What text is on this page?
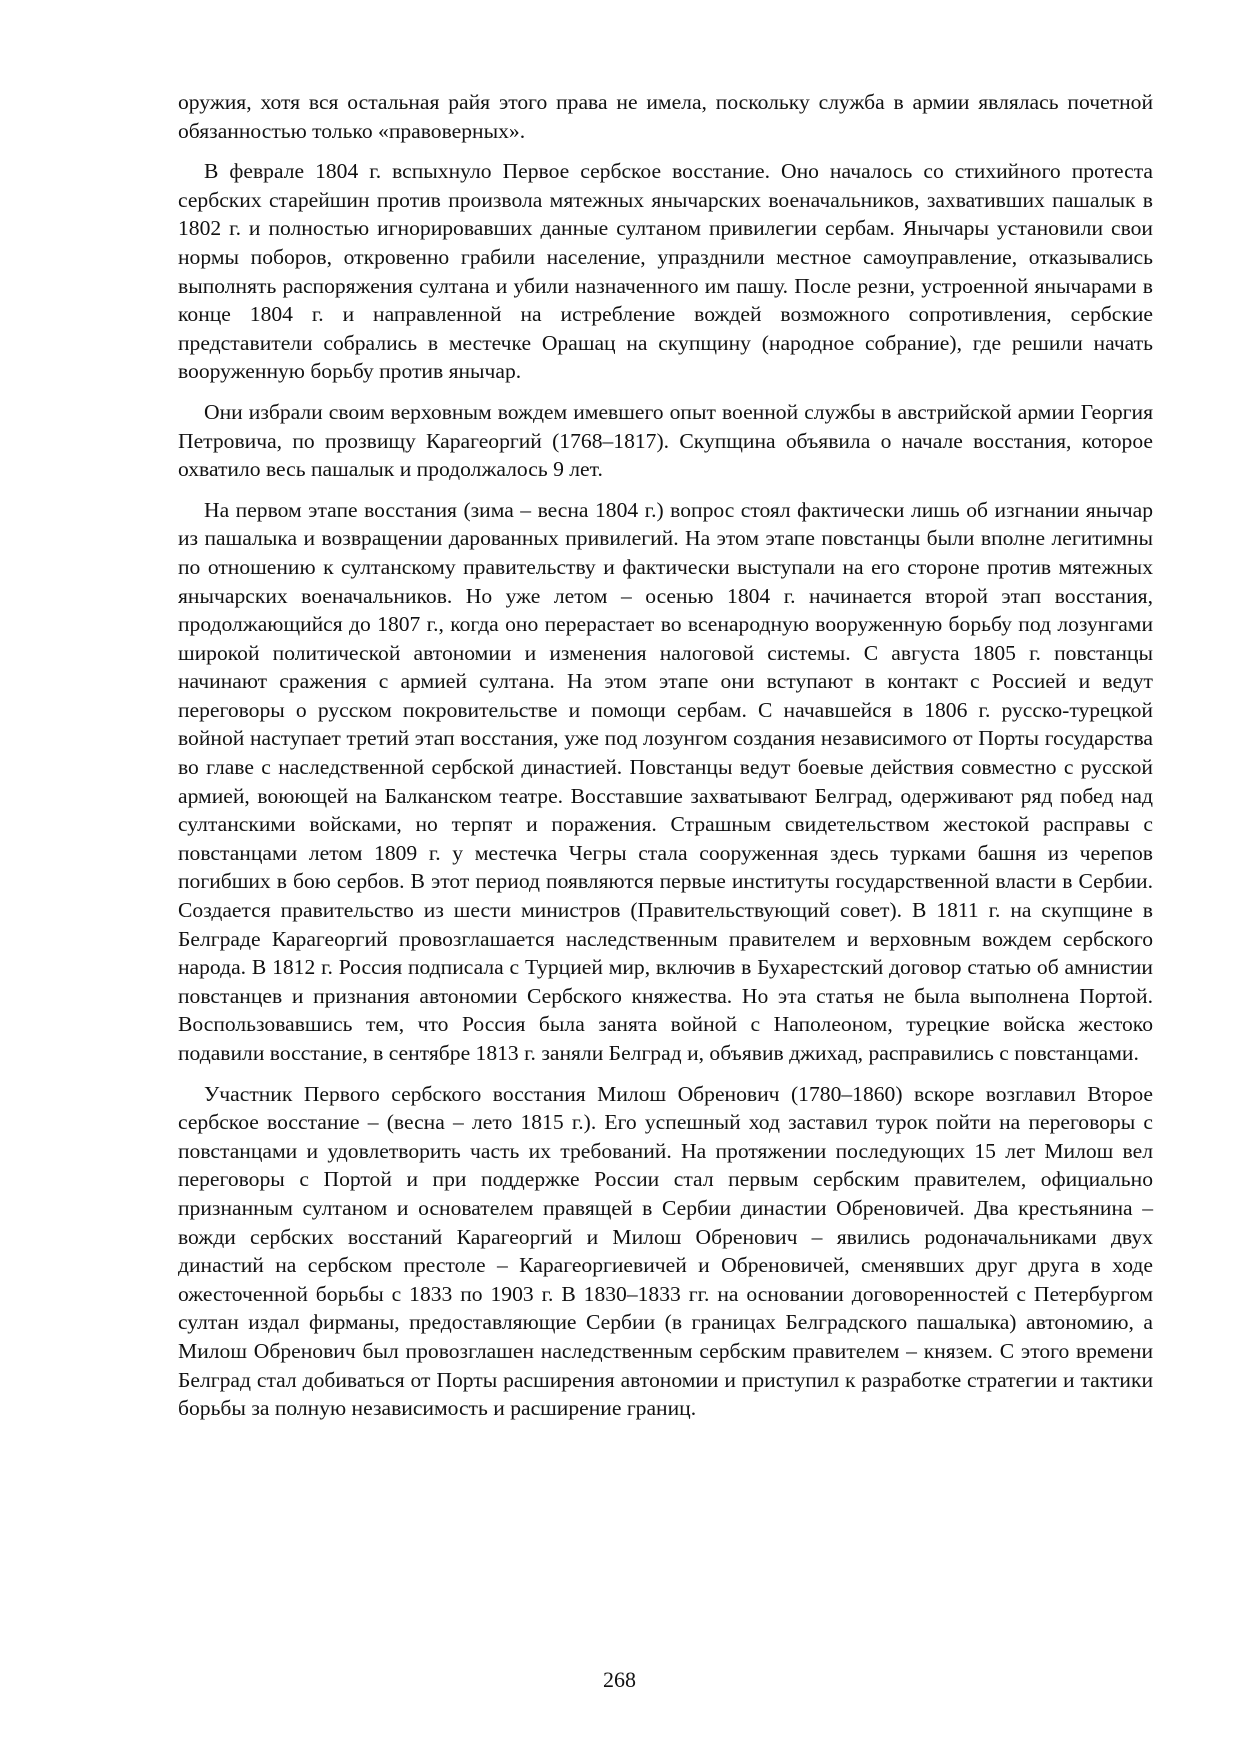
оружия, хотя вся остальная райя этого права не имела, поскольку служба в армии являлась почетной обязанностью только «правоверных».

В феврале 1804 г. вспыхнуло Первое сербское восстание. Оно началось со стихийного протеста сербских старейшин против произвола мятежных янычарских военачальников, захвативших пашалык в 1802 г. и полностью игнорировавших данные султаном привилегии сербам. Янычары установили свои нормы поборов, откровенно грабили население, упразднили местное самоуправление, отказывались выполнять распоряжения султана и убили назначенного им пашу. После резни, устроенной янычарами в конце 1804 г. и направленной на истребление вождей возможного сопротивления, сербские представители собрались в местечке Орашац на скупщину (народное собрание), где решили начать вооруженную борьбу против янычар.

Они избрали своим верховным вождем имевшего опыт военной службы в австрийской армии Георгия Петровича, по прозвищу Карагеоргий (1768–1817). Скупщина объявила о начале восстания, которое охватило весь пашалык и продолжалось 9 лет.

На первом этапе восстания (зима – весна 1804 г.) вопрос стоял фактически лишь об изгнании янычар из пашалыка и возвращении дарованных привилегий. На этом этапе повстанцы были вполне легитимны по отношению к султанскому правительству и фактически выступали на его стороне против мятежных янычарских военачальников. Но уже летом – осенью 1804 г. начинается второй этап восстания, продолжающийся до 1807 г., когда оно перерастает во всенародную вооруженную борьбу под лозунгами широкой политической автономии и изменения налоговой системы. С августа 1805 г. повстанцы начинают сражения с армией султана. На этом этапе они вступают в контакт с Россией и ведут переговоры о русском покровительстве и помощи сербам. С начавшейся в 1806 г. русско-турецкой войной наступает третий этап восстания, уже под лозунгом создания независимого от Порты государства во главе с наследственной сербской династией. Повстанцы ведут боевые действия совместно с русской армией, воюющей на Балканском театре. Восставшие захватывают Белград, одерживают ряд побед над султанскими войсками, но терпят и поражения. Страшным свидетельством жестокой расправы с повстанцами летом 1809 г. у местечка Чегры стала сооруженная здесь турками башня из черепов погибших в бою сербов. В этот период появляются первые институты государственной власти в Сербии. Создается правительство из шести министров (Правительствующий совет). В 1811 г. на скупщине в Белграде Карагеоргий провозглашается наследственным правителем и верховным вождем сербского народа. В 1812 г. Россия подписала с Турцией мир, включив в Бухарестский договор статью об амнистии повстанцев и признания автономии Сербского княжества. Но эта статья не была выполнена Портой. Воспользовавшись тем, что Россия была занята войной с Наполеоном, турецкие войска жестоко подавили восстание, в сентябре 1813 г. заняли Белград и, объявив джихад, расправились с повстанцами.

Участник Первого сербского восстания Милош Обренович (1780–1860) вскоре возглавил Второе сербское восстание – (весна – лето 1815 г.). Его успешный ход заставил турок пойти на переговоры с повстанцами и удовлетворить часть их требований. На протяжении последующих 15 лет Милош вел переговоры с Портой и при поддержке России стал первым сербским правителем, официально признанным султаном и основателем правящей в Сербии династии Обреновичей. Два крестьянина – вожди сербских восстаний Карагеоргий и Милош Обренович – явились родоначальниками двух династий на сербском престоле – Карагеоргиевичей и Обреновичей, сменявших друг друга в ходе ожесточенной борьбы с 1833 по 1903 г. В 1830–1833 гг. на основании договоренностей с Петербургом султан издал фирманы, предоставляющие Сербии (в границах Белградского пашалыка) автономию, а Милош Обренович был провозглашен наследственным сербским правителем – князем. С этого времени Белград стал добиваться от Порты расширения автономии и приступил к разработке стратегии и тактики борьбы за полную независимость и расширение границ.

268
